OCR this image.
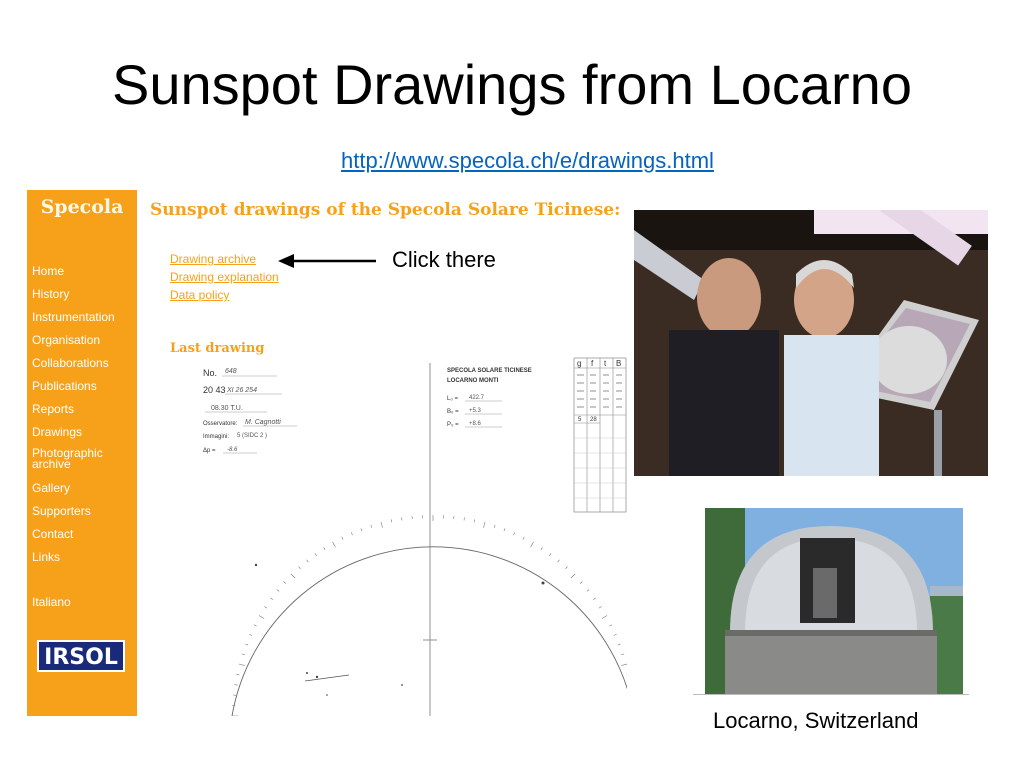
Sunspot Drawings from Locarno
http://www.specola.ch/e/drawings.html
Specola
Home
History
Instrumentation
Organisation
Collaborations
Publications
Reports
Drawings
Photographic archive
Gallery
Supporters
Contact
Links
Italiano
IRSOL
Sunspot drawings of the Specola Solare Ticinese:
Drawing archive
Drawing explanation
Data policy
Last drawing
No. 648
20 43 XI 26 254
08.30 T.U.
Osservatore: M. Cagnotti
Immagini: 5 (SIDC 2 )
Δp = -8.6
SPECOLA SOLARE TICINESE
LOCARNO MONTI
L₀ = 422.7
B₀ = +5.3
P₀ = +8.6
g f t B
5 28
Click there
Locarno, Switzerland
